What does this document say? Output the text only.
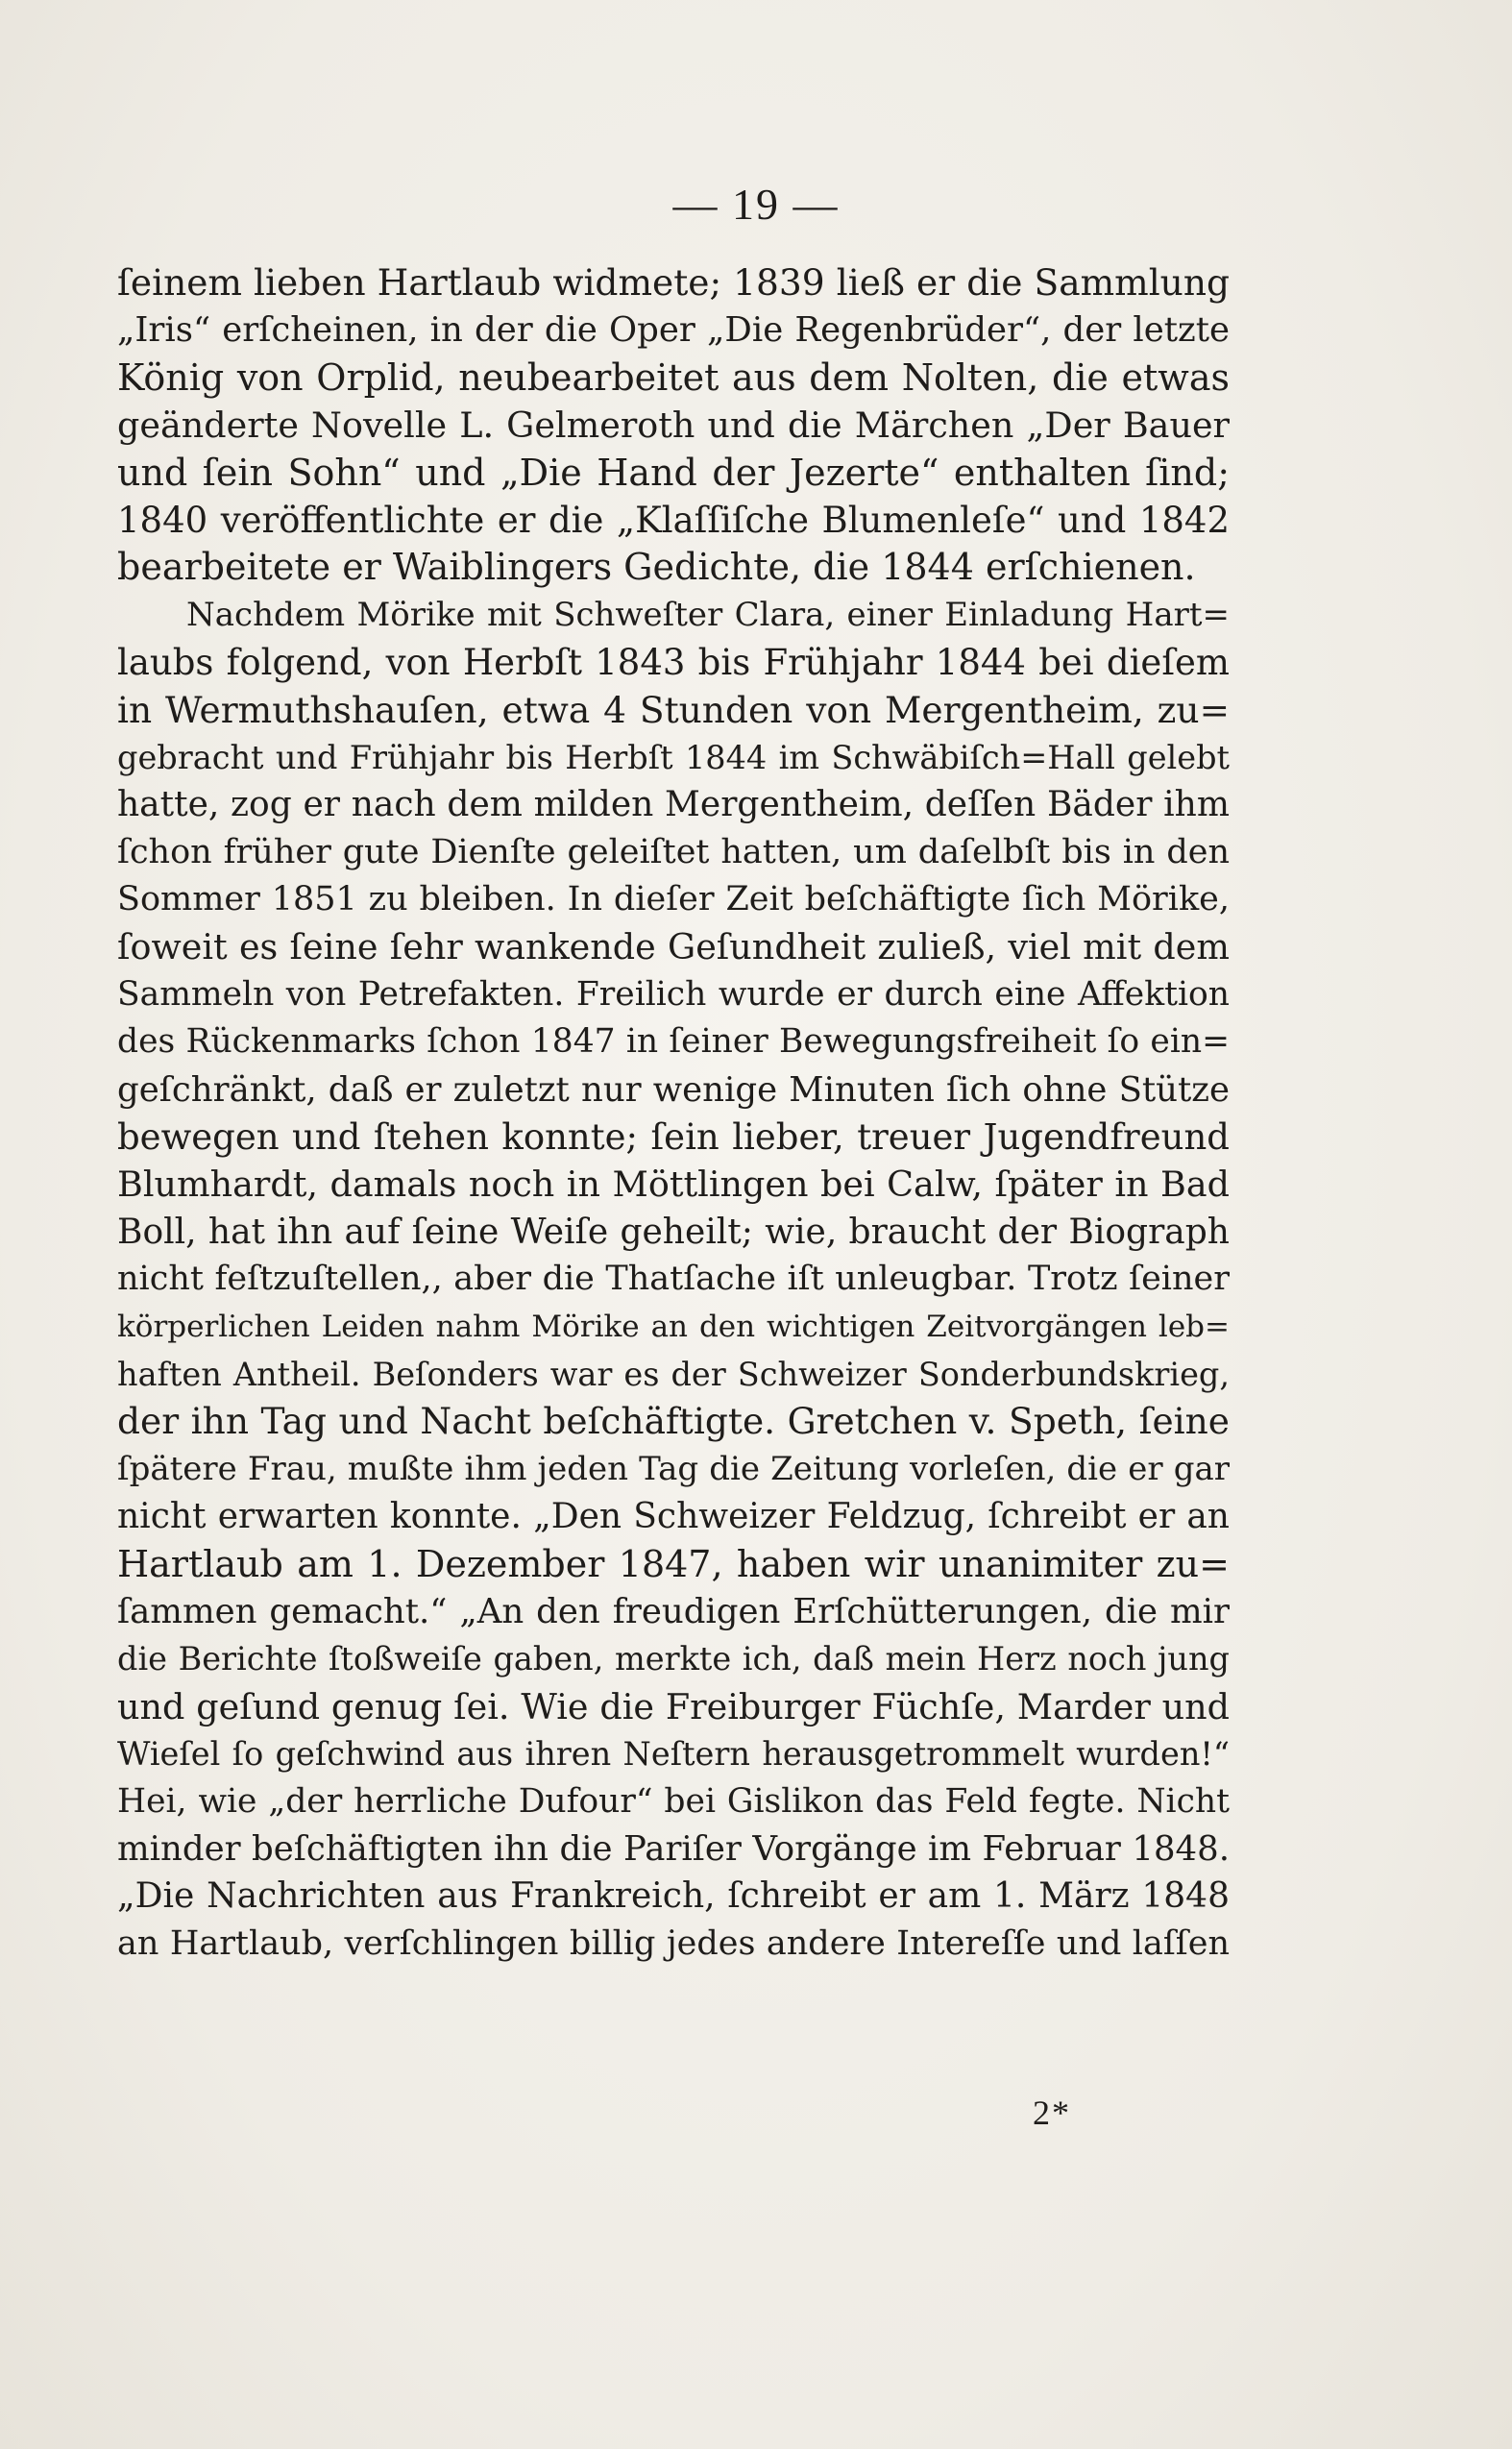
— 19 —
ſeinem lieben Hartlaub widmete; 1839 ließ er die Sammlung
„Iris“ erſcheinen, in der die Oper „Die Regenbrüder“, der letzte
König von Orplid, neubearbeitet aus dem Nolten, die etwas
geänderte Novelle L. Gelmeroth und die Märchen „Der Bauer
und ſein Sohn“ und „Die Hand der Jezerte“ enthalten ſind;
1840 veröffentlichte er die „Klaſſiſche Blumenleſe“ und 1842
bearbeitete er Waiblingers Gedichte, die 1844 erſchienen.
Nachdem Mörike mit Schweſter Clara, einer Einladung Hart=
laubs folgend, von Herbſt 1843 bis Frühjahr 1844 bei dieſem
in Wermuthshauſen, etwa 4 Stunden von Mergentheim, zu=
gebracht und Frühjahr bis Herbſt 1844 im Schwäbiſch=Hall gelebt
hatte, zog er nach dem milden Mergentheim, deſſen Bäder ihm
ſchon früher gute Dienſte geleiſtet hatten, um daſelbſt bis in den
Sommer 1851 zu bleiben. In dieſer Zeit beſchäftigte ſich Mörike,
ſoweit es ſeine ſehr wankende Geſundheit zuließ, viel mit dem
Sammeln von Petrefakten. Freilich wurde er durch eine Affektion
des Rückenmarks ſchon 1847 in ſeiner Bewegungsfreiheit ſo ein=
geſchränkt, daß er zuletzt nur wenige Minuten ſich ohne Stütze
bewegen und ſtehen konnte; ſein lieber, treuer Jugendfreund
Blumhardt, damals noch in Möttlingen bei Calw, ſpäter in Bad
Boll, hat ihn auf ſeine Weiſe geheilt; wie, braucht der Biograph
nicht feſtzuſtellen,, aber die Thatſache iſt unleugbar. Trotz ſeiner
körperlichen Leiden nahm Mörike an den wichtigen Zeitvorgängen leb=
haften Antheil. Beſonders war es der Schweizer Sonderbundskrieg,
der ihn Tag und Nacht beſchäftigte. Gretchen v. Speth, ſeine
ſpätere Frau, mußte ihm jeden Tag die Zeitung vorleſen, die er gar
nicht erwarten konnte. „Den Schweizer Feldzug, ſchreibt er an
Hartlaub am 1. Dezember 1847, haben wir unanimiter zu=
ſammen gemacht.“ „An den freudigen Erſchütterungen, die mir
die Berichte ſtoßweiſe gaben, merkte ich, daß mein Herz noch jung
und geſund genug ſei. Wie die Freiburger Füchſe, Marder und
Wieſel ſo geſchwind aus ihren Neſtern herausgetrommelt wurden!“
Hei, wie „der herrliche Dufour“ bei Gislikon das Feld fegte. Nicht
minder beſchäftigten ihn die Pariſer Vorgänge im Februar 1848.
„Die Nachrichten aus Frankreich, ſchreibt er am 1. März 1848
an Hartlaub, verſchlingen billig jedes andere Intereſſe und laſſen
2*
